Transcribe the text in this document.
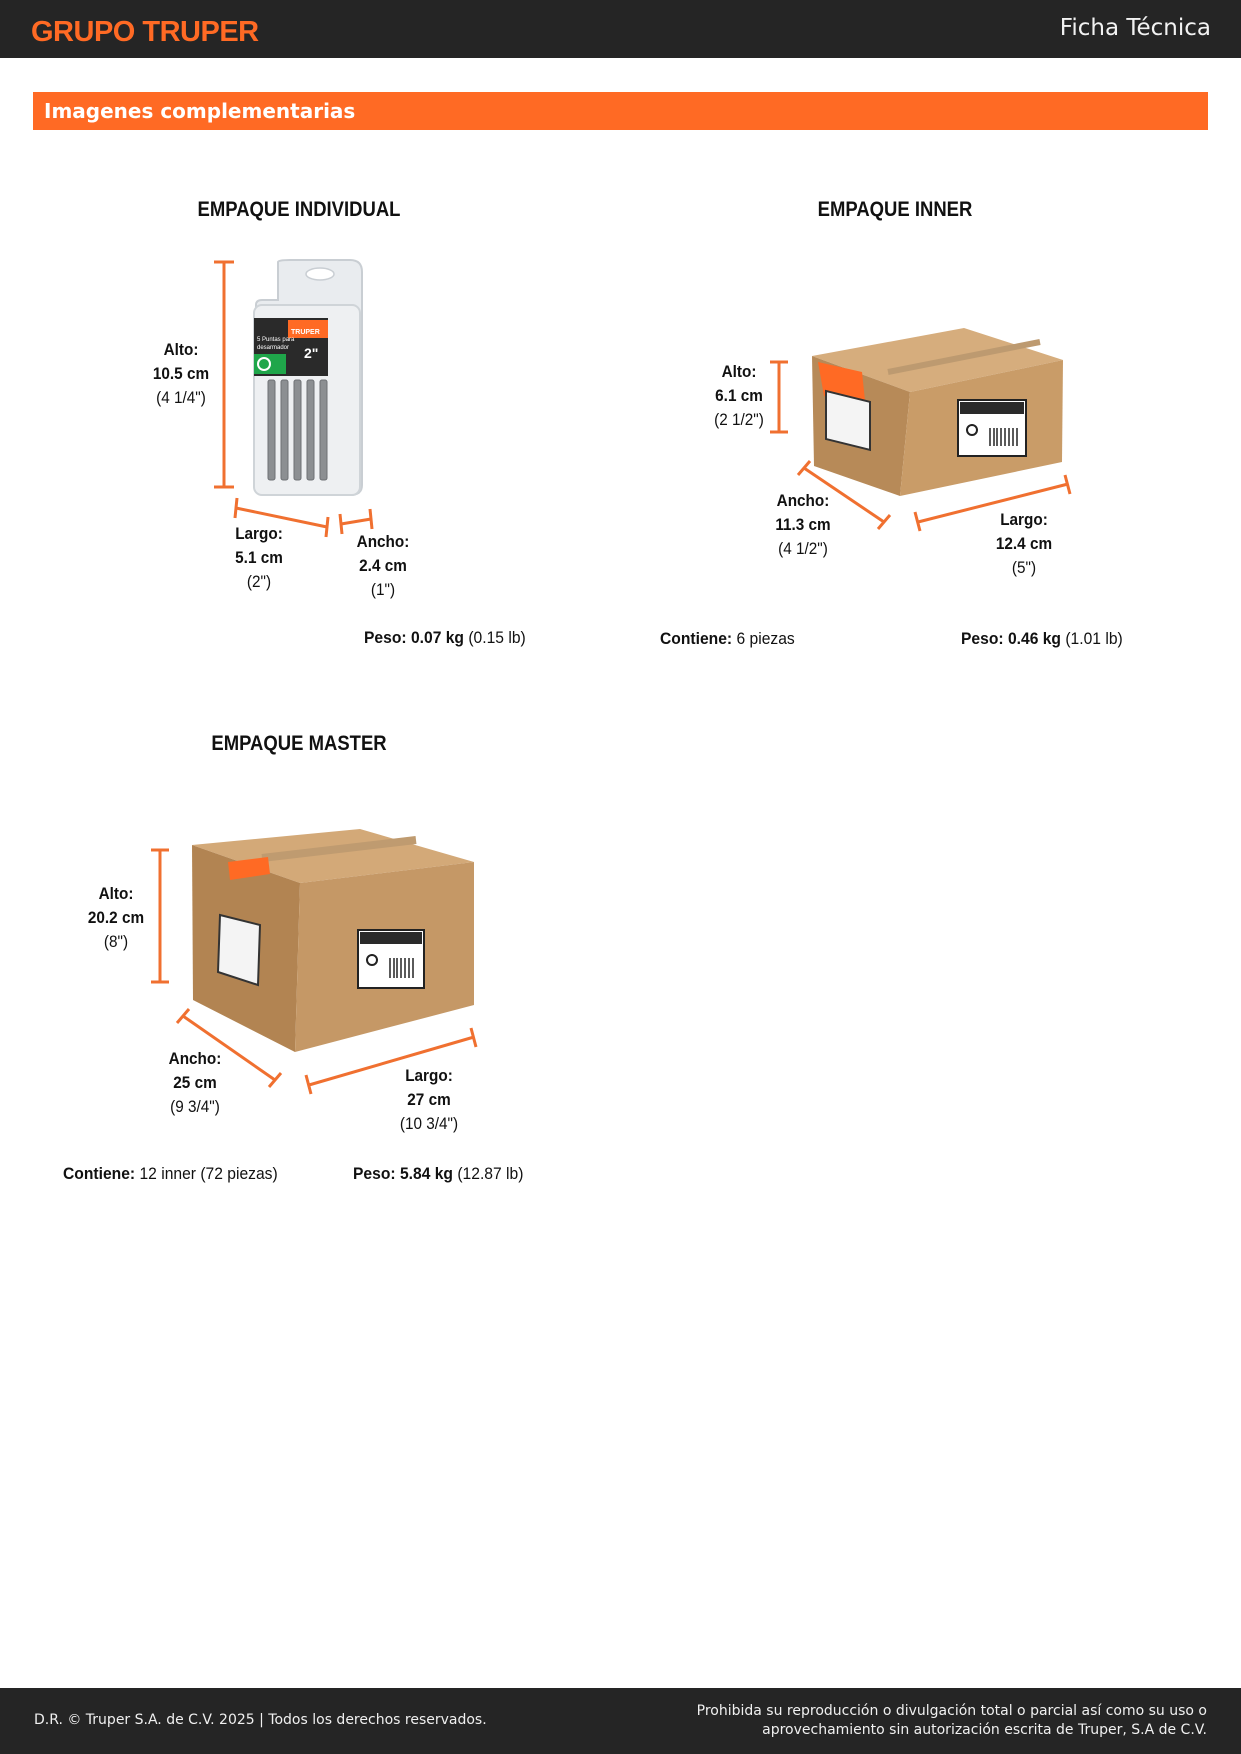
GRUPO TRUPER	Ficha Técnica
Imagenes complementarias
TRUPER
5 Puntas para
desarmador 2"
EMPAQUE INDIVIDUAL
Alto:
10.5 cm
(4 1/4")
Largo:
5.1 cm
(2")
Ancho:
2.4 cm
(1")
Peso: 0.07 kg (0.15 lb)
EMPAQUE INNER
Alto:
6.1 cm
(2 1/2")
Ancho:
11.3 cm
(4 1/2")
Largo:
12.4 cm
(5")
Contiene: 6 piezas	Peso: 0.46 kg (1.01 lb)
EMPAQUE MASTER
Alto:
20.2 cm
(8")
Ancho:
25 cm
(9 3/4")
Largo:
27 cm
(10 3/4")
Contiene: 12 inner (72 piezas)	Peso: 5.84 kg (12.87 lb)
D.R. © Truper S.A. de C.V. 2025 | Todos los derechos reservados.
Prohibida su reproducción o divulgación total o parcial así como su uso o
aprovechamiento sin autorización escrita de Truper, S.A de C.V.
